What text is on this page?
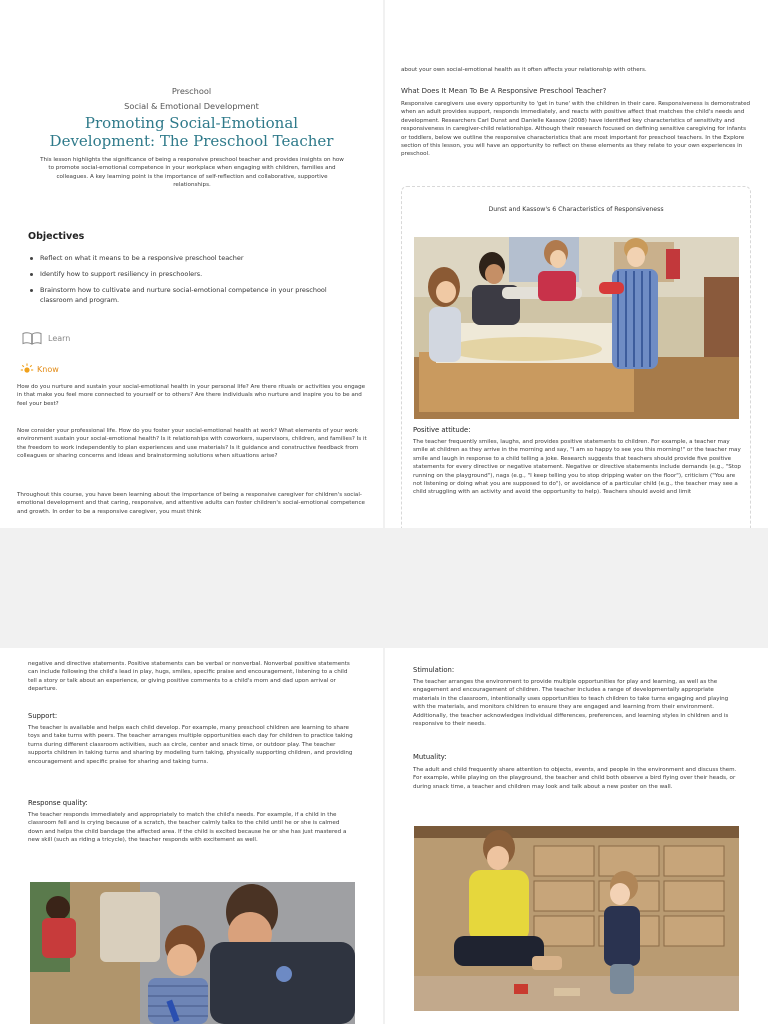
Preschool
Social & Emotional Development
Promoting Social-Emotional
Development: The Preschool Teacher

This lesson highlights the significance of being a responsive preschool teacher and provides insights on how to promote social-emotional competence in your workplace when engaging with children, families and colleagues. A key learning point is the importance of self-reflection and collaborative, supportive relationships.

Objectives
Reflect on what it means to be a responsive preschool teacher
Identify how to support resiliency in preschoolers.
Brainstorm how to cultivate and nurture social-emotional competence in your preschool classroom and program.
Learn
Know

How do you nurture and sustain your social-emotional health in your personal life? Are there rituals or activities you engage in that make you feel more connected to yourself or to others? Are there individuals who nurture and inspire you to be and feel your best?

Now consider your professional life. How do you foster your social-emotional health at work? What elements of your work environment sustain your social-emotional health? Is it relationships with coworkers, supervisors, children, and families? Is it the freedom to work independently to plan experiences and use materials? Is it guidance and constructive feedback from colleagues or sharing concerns and ideas and brainstorming solutions when situations arise?

Throughout this course, you have been learning about the importance of being a responsive caregiver for children's social-emotional development and that caring, responsive, and attentive adults can foster children's social-emotional competence and growth. In order to be a responsive caregiver, you must think

about your own social-emotional health as it often affects your relationship with others.

What Does It Mean To Be A Responsive Preschool Teacher?

Responsive caregivers use every opportunity to 'get in tune' with the children in their care. Responsiveness is demonstrated when an adult provides support, responds immediately, and reacts with positive affect that matches the child's needs and development. Researchers Carl Dunst and Danielle Kassow (2008) have identified key characteristics of sensitivity and responsiveness in caregiver-child relationships. Although their research focused on defining sensitive caregiving for infants or toddlers, below we outline the responsive characteristics that are most important for preschool teachers. In the Explore section of this lesson, you will have an opportunity to reflect on these elements as they relate to your own experiences in preschool.

Dunst and Kassow's 6 Characteristics of Responsiveness
Positive attitude:

The teacher frequently smiles, laughs, and provides positive statements to children. For example, a teacher may smile at children as they arrive in the morning and say, "I am so happy to see you this morning!" or the teacher may smile and laugh in response to a child telling a joke. Research suggests that teachers should provide five positive statements for every directive or negative statement. Negative or directive statements include demands (e.g., "Stop running on the playground"), nags (e.g., "I keep telling you to stop dripping water on the floor"), criticism ("You are not listening or doing what you are supposed to do"), or avoidance of a particular child (e.g., the teacher may see a child struggling with an activity and avoid the opportunity to help). Teachers should avoid and limit

negative and directive statements. Positive statements can be verbal or nonverbal. Nonverbal positive statements can include following the child's lead in play, hugs, smiles, specific praise and encouragement, listening to a child tell a story or talk about an experience, or giving positive comments to a child's mom and dad upon arrival or departure.

Support:

The teacher is available and helps each child develop. For example, many preschool children are learning to share toys and take turns with peers. The teacher arranges multiple opportunities each day for children to practice taking turns during different classroom activities, such as circle, center and snack time, or outdoor play. The teacher supports children in taking turns and sharing by modeling turn taking, physically supporting children, and providing encouragement and specific praise for sharing and taking turns.

Response quality:

The teacher responds immediately and appropriately to match the child's needs. For example, if a child in the classroom fell and is crying because of a scratch, the teacher calmly talks to the child until he or she is calmed down and helps the child bandage the affected area. If the child is excited because he or she has just mastered a new skill (such as riding a tricycle), the teacher responds with excitement as well.

Stimulation:

The teacher arranges the environment to provide multiple opportunities for play and learning, as well as the engagement and encouragement of children. The teacher includes a range of developmentally appropriate materials in the classroom, intentionally uses opportunities to teach children to take turns engaging and playing with the materials, and monitors children to ensure they are engaged and learning from their environment. Additionally, the teacher acknowledges individual differences, preferences, and learning styles in children and is responsive to their needs.

Mutuality:

The adult and child frequently share attention to objects, events, and people in the environment and discuss them. For example, while playing on the playground, the teacher and child both observe a bird flying over their heads, or during snack time, a teacher and children may look and talk about a new poster on the wall.
